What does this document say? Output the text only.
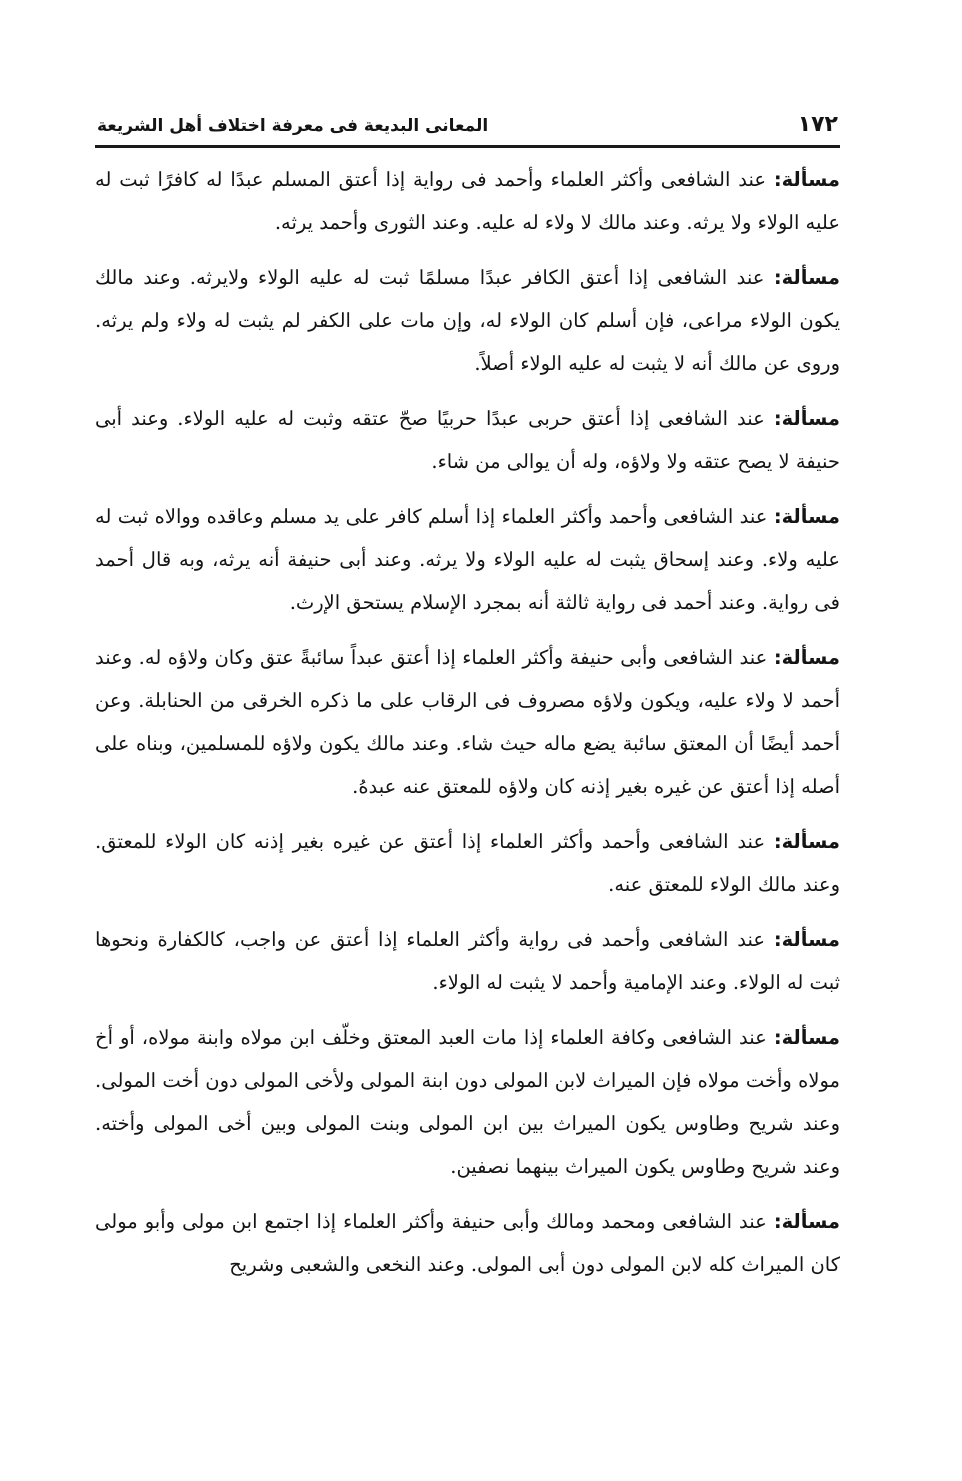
١٧٢
المعانى البديعة فى معرفة اختلاف أهل الشريعة

مسألة: عند الشافعى وأكثر العلماء وأحمد فى رواية إذا أعتق المسلم عبدًا له كافرًا ثبت له عليه الولاء ولا يرثه. وعند مالك لا ولاء له عليه. وعند الثورى وأحمد يرثه.

مسألة: عند الشافعى إذا أعتق الكافر عبدًا مسلمًا ثبت له عليه الولاء ولايرثه. وعند مالك يكون الولاء مراعى، فإن أسلم كان الولاء له، وإن مات على الكفر لم يثبت له ولاء ولم يرثه. وروى عن مالك أنه لا يثبت له عليه الولاء أصلاً.

مسألة: عند الشافعى إذا أعتق حربى عبدًا حربيًا صحّ عتقه وثبت له عليه الولاء. وعند أبى حنيفة لا يصح عتقه ولا ولاؤه، وله أن يوالى من شاء.

مسألة: عند الشافعى وأحمد وأكثر العلماء إذا أسلم كافر على يد مسلم وعاقده ووالاه ثبت له عليه ولاء. وعند إسحاق يثبت له عليه الولاء ولا يرثه. وعند أبى حنيفة أنه يرثه، وبه قال أحمد فى رواية. وعند أحمد فى رواية ثالثة أنه بمجرد الإسلام يستحق الإرث.

مسألة: عند الشافعى وأبى حنيفة وأكثر العلماء إذا أعتق عبداً سائبةً عتق وكان ولاؤه له. وعند أحمد لا ولاء عليه، ويكون ولاؤه مصروف فى الرقاب على ما ذكره الخرقى من الحنابلة. وعن أحمد أيضًا أن المعتق سائبة يضع ماله حيث شاء. وعند مالك يكون ولاؤه للمسلمين، وبناه على أصله إذا أعتق عن غيره بغير إذنه كان ولاؤه للمعتق عنه عبدهُ.

مسألة: عند الشافعى وأحمد وأكثر العلماء إذا أعتق عن غيره بغير إذنه كان الولاء للمعتق. وعند مالك الولاء للمعتق عنه.

مسألة: عند الشافعى وأحمد فى رواية وأكثر العلماء إذا أعتق عن واجب، كالكفارة ونحوها ثبت له الولاء. وعند الإمامية وأحمد لا يثبت له الولاء.

مسألة: عند الشافعى وكافة العلماء إذا مات العبد المعتق وخلّف ابن مولاه وابنة مولاه، أو أخ مولاه وأخت مولاه فإن الميراث لابن المولى دون ابنة المولى ولأخى المولى دون أخت المولى. وعند شريح وطاوس يكون الميراث بين ابن المولى وبنت المولى وبين أخى المولى وأخته. وعند شريح وطاوس يكون الميراث بينهما نصفين.

مسألة: عند الشافعى ومحمد ومالك وأبى حنيفة وأكثر العلماء إذا اجتمع ابن مولى وأبو مولى كان الميراث كله لابن المولى دون أبى المولى. وعند النخعى والشعبى وشريح
